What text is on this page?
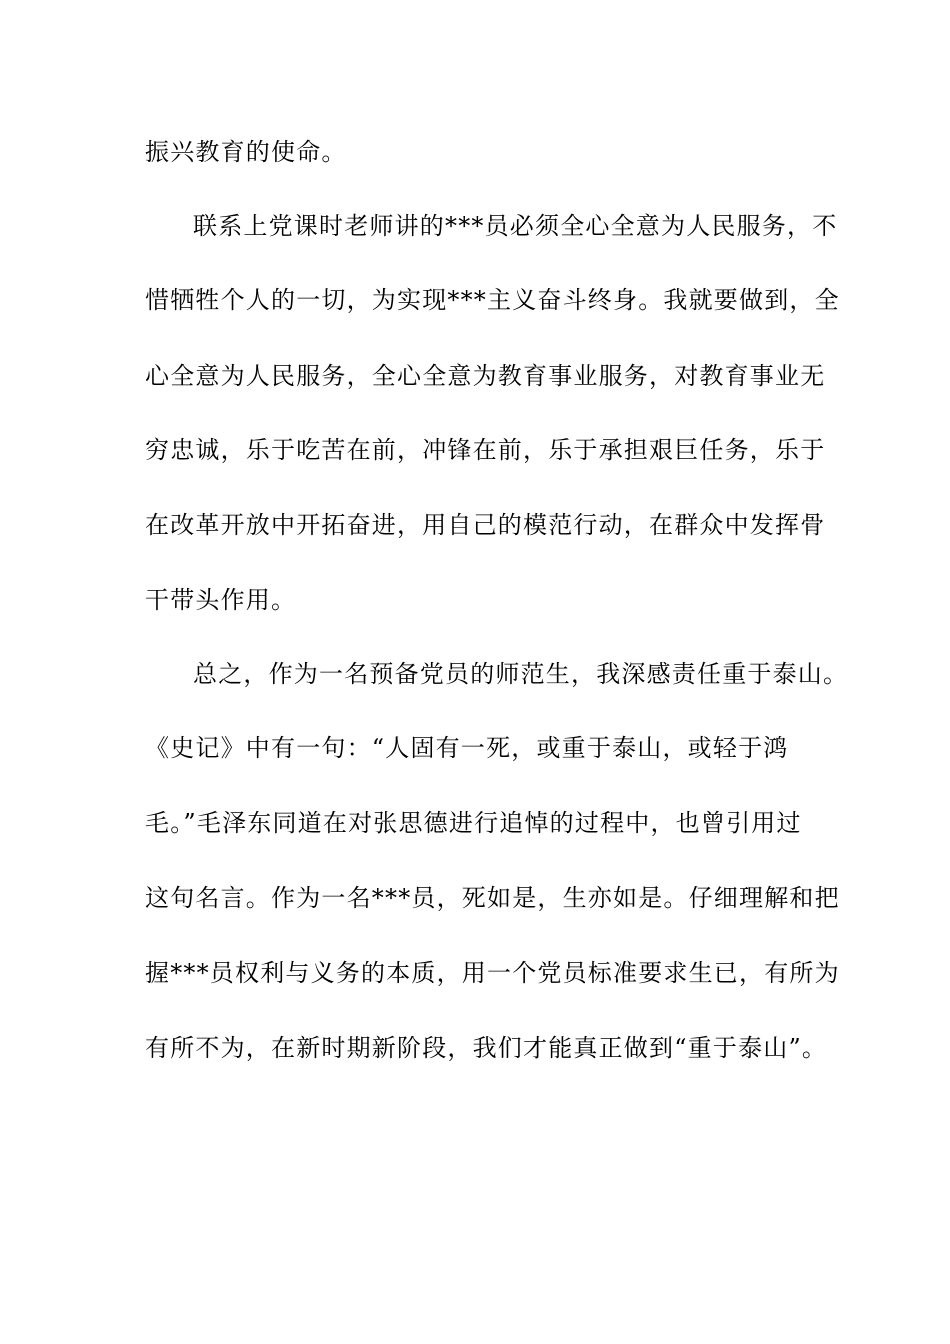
振兴教育的使命。
联系上党课时老师讲的***员必须全心全意为人民服务，不
惜牺牲个人的一切，为实现***主义奋斗终身。我就要做到，全
心全意为人民服务，全心全意为教育事业服务，对教育事业无
穷忠诚，乐于吃苦在前，冲锋在前，乐于承担艰巨任务，乐于
在改革开放中开拓奋进，用自己的模范行动，在群众中发挥骨
干带头作用。
总之，作为一名预备党员的师范生，我深感责任重于泰山。
《史记》中有一句：“人固有一死，或重于泰山，或轻于鸿
毛。”毛泽东同道在对张思德进行追悼的过程中，也曾引用过
这句名言。作为一名***员，死如是，生亦如是。仔细理解和把
握***员权利与义务的本质，用一个党员标准要求生已，有所为
有所不为，在新时期新阶段，我们才能真正做到“重于泰山”。
